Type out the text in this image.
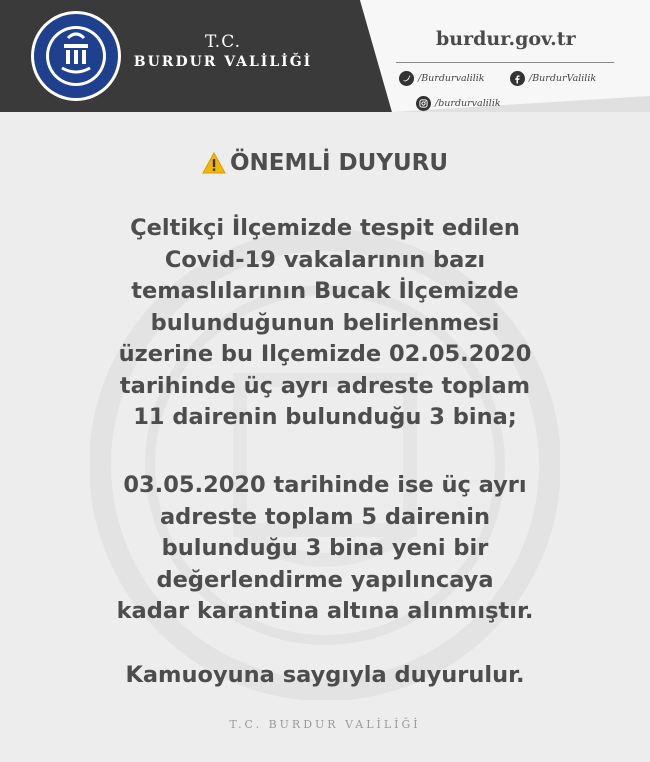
T.C.
BURDUR VALİLİĞİ
burdur.gov.tr
/Burdurvalilik	/BurdurValilik
/burdurvalilik
ÖNEMLİ DUYURU
Çeltikçi İlçemizde tespit edilen
Covid-19 vakalarının bazı
temaslılarının Bucak İlçemizde
bulunduğunun belirlenmesi
üzerine bu Ilçemizde 02.05.2020
tarihinde üç ayrı adreste toplam
11 dairenin bulunduğu 3 bina;
03.05.2020 tarihinde ise üç ayrı
adreste toplam 5 dairenin
bulunduğu 3 bina yeni bir
değerlendirme yapılıncaya
kadar karantina altına alınmıştır.
Kamuoyuna saygıyla duyurulur.
T.C. BURDUR VALİLİĞİ
